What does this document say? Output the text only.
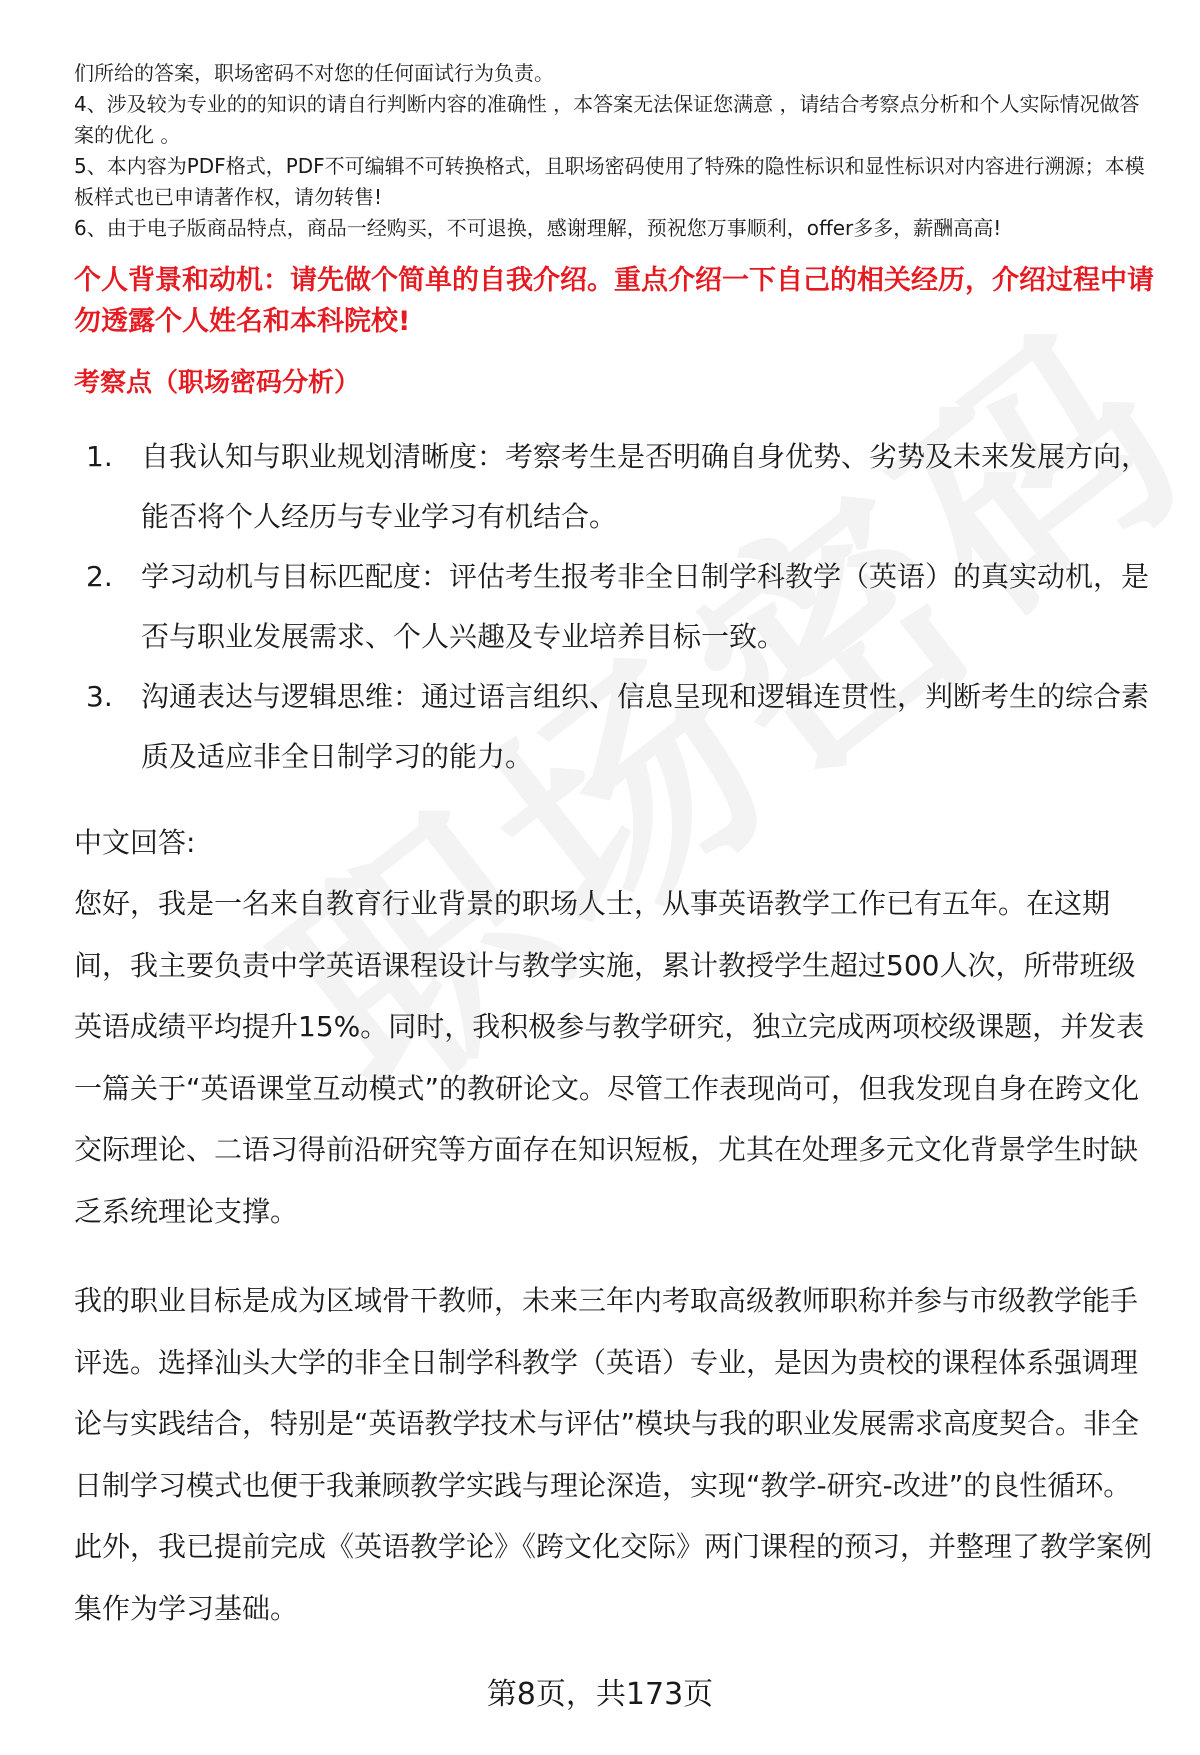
们所给的答案，职场密码不对您的任何面试行为负责。

4、涉及较为专业的的知识的请自行判断内容的准确性 ，本答案无法保证您满意 ，请结合考察点分析和个人实际情况做答案的优化 。

5、本内容为PDF格式，PDF不可编辑不可转换格式，且职场密码使用了特殊的隐性标识和显性标识对内容进行溯源；本模板样式也已申请著作权，请勿转售!

6、由于电子版商品特点，商品一经购买，不可退换，感谢理解，预祝您万事顺利，offer多多，薪酬高高!

个人背景和动机：请先做个简单的自我介绍。重点介绍一下自己的相关经历，介绍过程中请勿透露个人姓名和本科院校!
考察点（职场密码分析）
1.	自我认知与职业规划清晰度：考察考生是否明确自身优势、劣势及未来发展方向，能否将个人经历与专业学习有机结合。
2.	学习动机与目标匹配度：评估考生报考非全日制学科教学（英语）的真实动机，是否与职业发展需求、个人兴趣及专业培养目标一致。
3.	沟通表达与逻辑思维：通过语言组织、信息呈现和逻辑连贯性，判断考生的综合素质及适应非全日制学习的能力。
中文回答:

您好，我是一名来自教育行业背景的职场人士，从事英语教学工作已有五年。在这期间，我主要负责中学英语课程设计与教学实施，累计教授学生超过500人次，所带班级英语成绩平均提升15%。同时，我积极参与教学研究，独立完成两项校级课题，并发表一篇关于“英语课堂互动模式”的教研论文。尽管工作表现尚可，但我发现自身在跨文化交际理论、二语习得前沿研究等方面存在知识短板，尤其在处理多元文化背景学生时缺乏系统理论支撑。

我的职业目标是成为区域骨干教师，未来三年内考取高级教师职称并参与市级教学能手评选。选择汕头大学的非全日制学科教学（英语）专业，是因为贵校的课程体系强调理论与实践结合，特别是“英语教学技术与评估”模块与我的职业发展需求高度契合。非全日制学习模式也便于我兼顾教学实践与理论深造，实现“教学-研究-改进”的良性循环。此外，我已提前完成《英语教学论》《跨文化交际》两门课程的预习，并整理了教学案例集作为学习基础。

第8页，共173页
